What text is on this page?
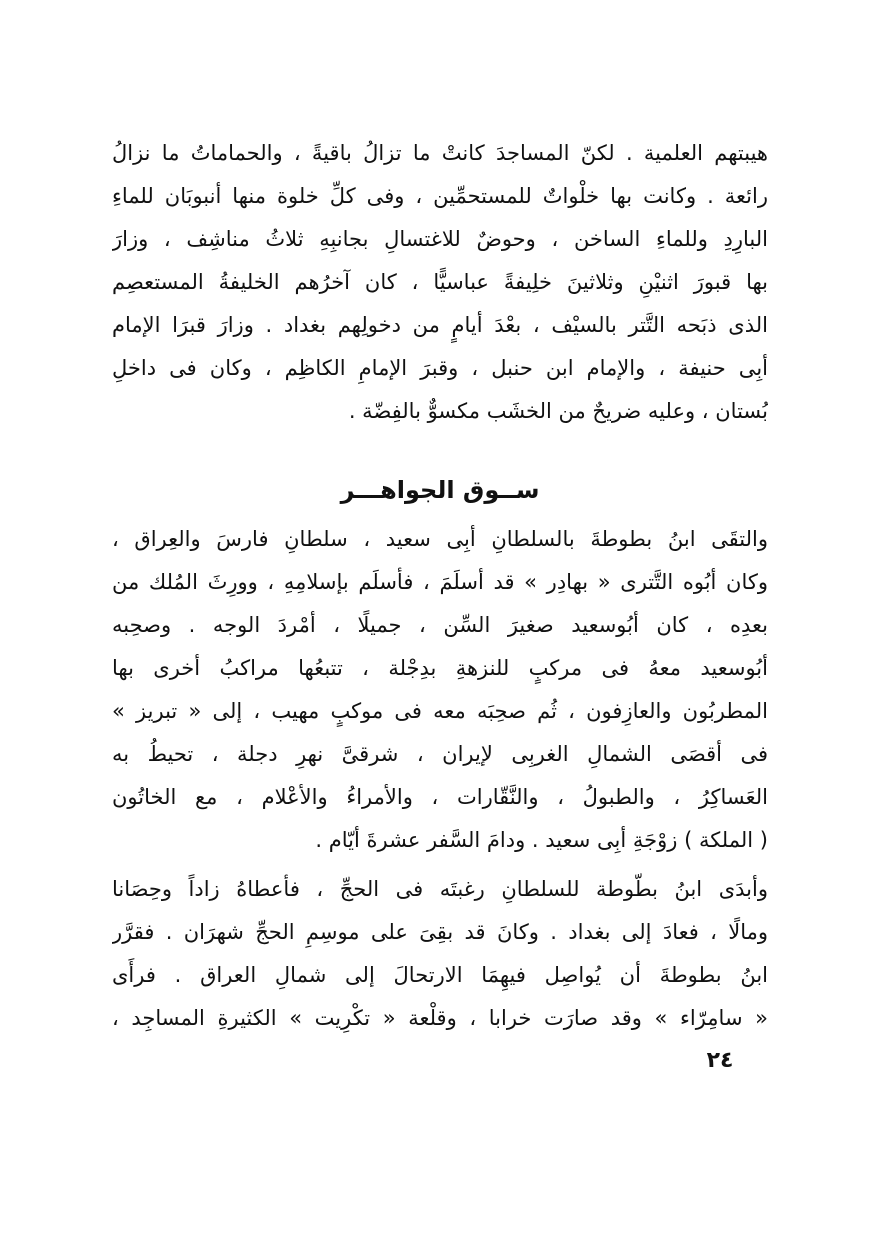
هيبتهم العلمية . لكنّ المساجدَ كانتْ ما تزالُ باقيةً ، والحماماتُ ما نزالُ
رائعة . وكانت بها خلْواتٌ للمستحمِّين ، وفى كلِّ خلوة منها أنبوبَان للماءِ
البارِدِ وللماءِ الساخن ، وحوضٌ للاغتسالِ بجانبِهِ ثلاثُ مناشِف ، وزارَ
بها قبورَ اثنيْنِ وثلاثينَ خلِيفةً عباسيًّا ، كان آخرُهم الخليفةُ المستعصِم
الذى ذبَحه التَّتر بالسيْف ، بعْدَ أيامٍ من دخولِهم بغداد . وزارَ قبرَا الإمام
أبِى حنيفة ، والإمام ابن حنبل ، وقبرَ الإمامِ الكاظِم ، وكان فى داخلِ
بُستان ، وعليه ضريحٌ من الخشَب مكسوٌّ بالفِضّة .
ســوق الجواهـــر
والتقَى ابنُ بطوطةَ بالسلطانِ أبِى سعيد ، سلطانِ فارسَ والعِراق ،
وكان أبُوه التَّترى « بهادِر » قد أسلَمَ ، فأسلَم بإسلامِهِ ، وورِثَ المُلك من
بعدِه ، كان أبُوسعيد صغيرَ السِّن ، جميلًا ، أمْردَ الوجه . وصحِبه
أبُوسعيد معهُ فى مركبٍ للنزهةِ بدِجْلة ، تتبعُها مراكبُ أخرى بها
المطربُون والعازِفون ، ثُم صحِبَه معه فى موكبٍ مهيب ، إلى « تبريز »
فى أقصَى الشمالِ الغربِى لإيران ، شرقىَّ نهرِ دجلة ، تحيطُ به
العَساكِرُ ، والطبولُ ، والنَّقّارات ، والأمراءُ والأعْلام ، مع الخاتُون
( الملكة ) زوْجَةِ أبِى سعيد . ودامَ السَّفر عشرةَ أيّام .
وأبدَى ابنُ بطّوطة للسلطانِ رغبتَه فى الحجِّ ، فأعطاهُ زاداً وحِصَانا
ومالًا ، فعادَ إلى بغداد . وكانَ قد بقِىَ على موسِمِ الحجِّ شهرَان . فقرَّر
ابنُ بطوطةَ أن يُواصِل فيهِمَا الارتحالَ إلى شمالِ العراق . فرأَى
« سامِرّاء » وقد صارَت خرابا ، وقلْعة « تكْرِيت » الكثيرةِ المساجِد ،
٢٤
